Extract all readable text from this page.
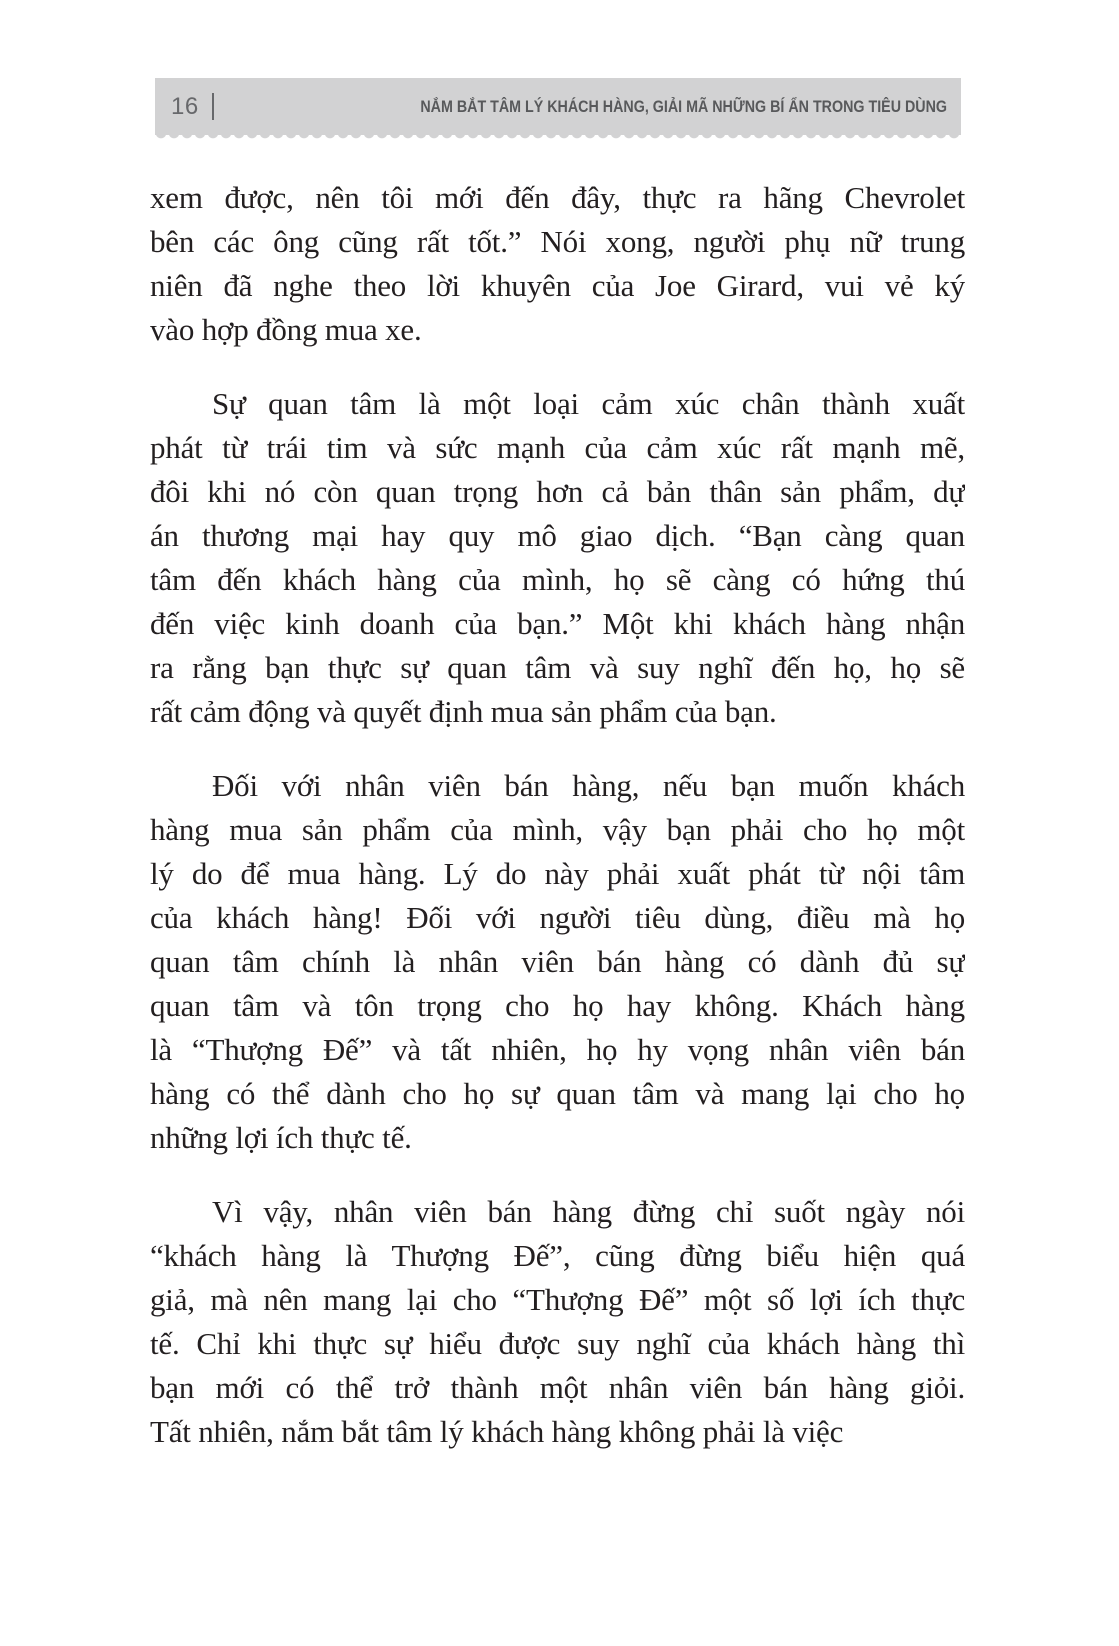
16	NẮM BẮT TÂM LÝ KHÁCH HÀNG, GIẢI MÃ NHỮNG BÍ ẨN TRONG TIÊU DÙNG
xem được, nên tôi mới đến đây, thực ra hãng Chevrolet
bên các ông cũng rất tốt.” Nói xong, người phụ nữ trung
niên đã nghe theo lời khuyên của Joe Girard, vui vẻ ký
vào hợp đồng mua xe.
Sự quan tâm là một loại cảm xúc chân thành xuất
phát từ trái tim và sức mạnh của cảm xúc rất mạnh mẽ,
đôi khi nó còn quan trọng hơn cả bản thân sản phẩm, dự
án thương mại hay quy mô giao dịch. “Bạn càng quan
tâm đến khách hàng của mình, họ sẽ càng có hứng thú
đến việc kinh doanh của bạn.” Một khi khách hàng nhận
ra rằng bạn thực sự quan tâm và suy nghĩ đến họ, họ sẽ
rất cảm động và quyết định mua sản phẩm của bạn.
Đối với nhân viên bán hàng, nếu bạn muốn khách
hàng mua sản phẩm của mình, vậy bạn phải cho họ một
lý do để mua hàng. Lý do này phải xuất phát từ nội tâm
của khách hàng! Đối với người tiêu dùng, điều mà họ
quan tâm chính là nhân viên bán hàng có dành đủ sự
quan tâm và tôn trọng cho họ hay không. Khách hàng
là “Thượng Đế” và tất nhiên, họ hy vọng nhân viên bán
hàng có thể dành cho họ sự quan tâm và mang lại cho họ
những lợi ích thực tế.
Vì vậy, nhân viên bán hàng đừng chỉ suốt ngày nói
“khách hàng là Thượng Đế”, cũng đừng biểu hiện quá
giả, mà nên mang lại cho “Thượng Đế” một số lợi ích thực
tế. Chỉ khi thực sự hiểu được suy nghĩ của khách hàng thì
bạn mới có thể trở thành một nhân viên bán hàng giỏi.
Tất nhiên, nắm bắt tâm lý khách hàng không phải là việc
